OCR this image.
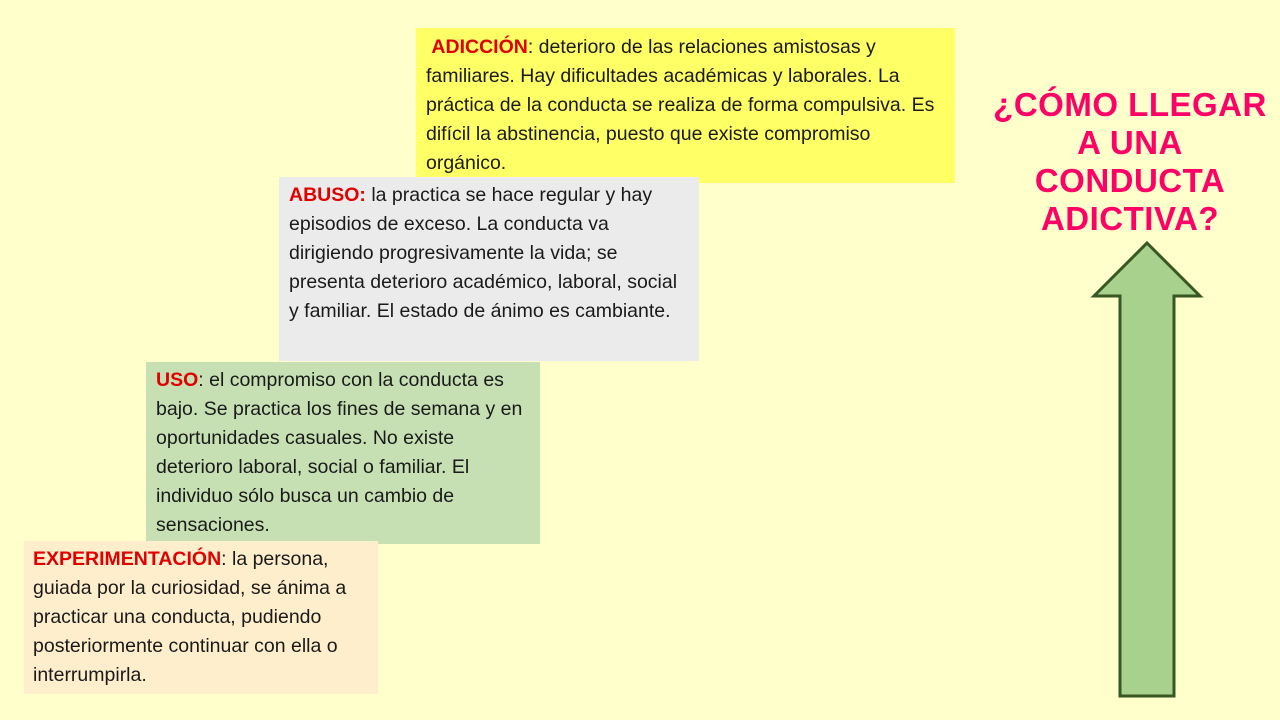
ADICCIÓN: deterioro de las relaciones amistosas y familiares. Hay dificultades académicas y laborales. La práctica de la conducta se realiza de forma compulsiva. Es difícil la abstinencia, puesto que existe compromiso orgánico.
ABUSO: la practica se hace regular y hay episodios de exceso. La conducta va dirigiendo progresivamente la vida; se presenta deterioro académico, laboral, social y familiar. El estado de ánimo es cambiante.
USO: el compromiso con la conducta es bajo. Se practica los fines de semana y en oportunidades casuales. No existe deterioro laboral, social o familiar. El individuo sólo busca un cambio de sensaciones.
EXPERIMENTACIÓN: la persona, guiada por la curiosidad, se ánima a practicar una conducta, pudiendo posteriormente continuar con ella o interrumpirla.
¿CÓMO LLEGAR A UNA CONDUCTA ADICTIVA?
